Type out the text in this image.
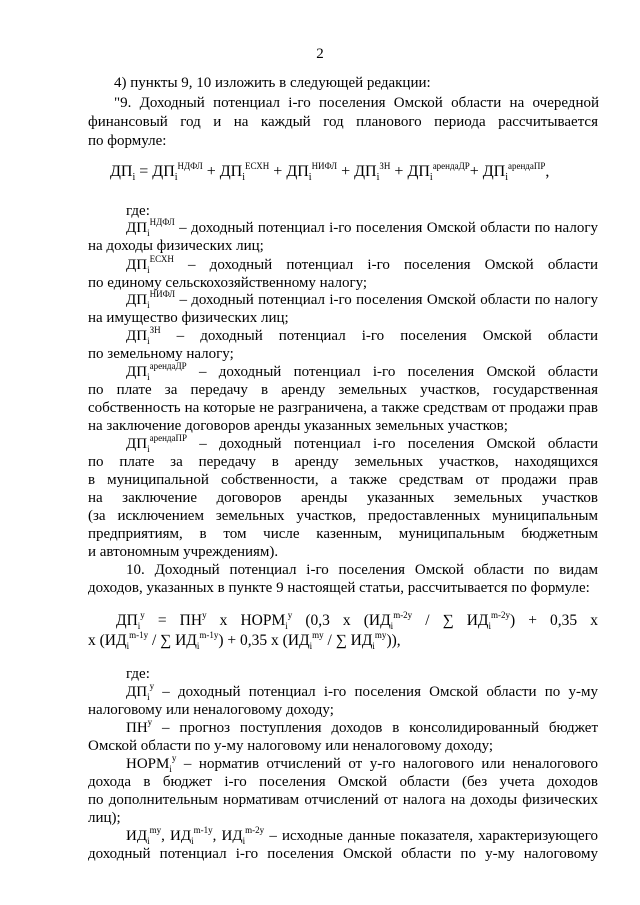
2
4) пункты 9, 10 изложить в следующей редакции:
"9. Доходный потенциал i-го поселения Омской области на очередной
финансовый год и на каждый год планового периода рассчитывается
по формуле:
$ДП_i = ДП_i^{НДФЛ} + ДП_i^{ЕСХН} + ДП_i^{НИФЛ} + ДП_i^{ЗН} + ДП_i^{арендаДР}+ ДП_i^{арендаПР}$,
где:
$ДП_i^{НДФЛ}$ – доходный потенциал i-го поселения Омской области по налогу
на доходы физических лиц;
$ДП_i^{ЕСХН}$ – доходный потенциал i-го поселения Омской области
по единому сельскохозяйственному налогу;
$ДП_i^{НИФЛ}$ – доходный потенциал i-го поселения Омской области по налогу
на имущество физических лиц;
$ДП_i^{ЗН}$ – доходный потенциал i-го поселения Омской области
по земельному налогу;
$ДП_i^{арендаДР}$ – доходный потенциал i-го поселения Омской области
по плате за передачу в аренду земельных участков, государственная
собственность на которые не разграничена, а также средствам от продажи прав
на заключение договоров аренды указанных земельных участков;
$ДП_i^{арендаПР}$ – доходный потенциал i-го поселения Омской области
по плате за передачу в аренду земельных участков, находящихся
в муниципальной собственности, а также средствам от продажи прав
на заключение договоров аренды указанных земельных участков
(за исключением земельных участков, предоставленных муниципальным
предприятиям, в том числе казенным, муниципальным бюджетным
и автономным учреждениям).
10. Доходный потенциал i-го поселения Омской области по видам
доходов, указанных в пункте 9 настоящей статьи, рассчитывается по формуле:
$ДП_i^y = ПН^y$ x $НОРМ_i^y$ (0,3 x ($ИД_i^{m-2y}$ / ∑ $ИД_i^{m-2y}) + 0,35$ x
x ($ИД_i^{m-1y}$ / ∑ $ИД_i^{m-1y}) + 0,35$ x ($ИД_i^{my}$ / ∑ $ИД_i^{my}$)),
где:
$ДП_i^y$ – доходный потенциал i-го поселения Омской области по y-му
налоговому или неналоговому доходу;
$ПН^y$ – прогноз поступления доходов в консолидированный бюджет
Омской области по y-му налоговому или неналоговому доходу;
$НОРМ_i^y$ – норматив отчислений от y-го налогового или неналогового
дохода в бюджет i-го поселения Омской области (без учета доходов
по дополнительным нормативам отчислений от налога на доходы физических
лиц);
$ИД_i^{my}$, $ИД_i^{m-1y}$, $ИД_i^{m-2y}$ – исходные данные показателя, характеризующего
доходный потенциал i-го поселения Омской области по y-му налоговому
